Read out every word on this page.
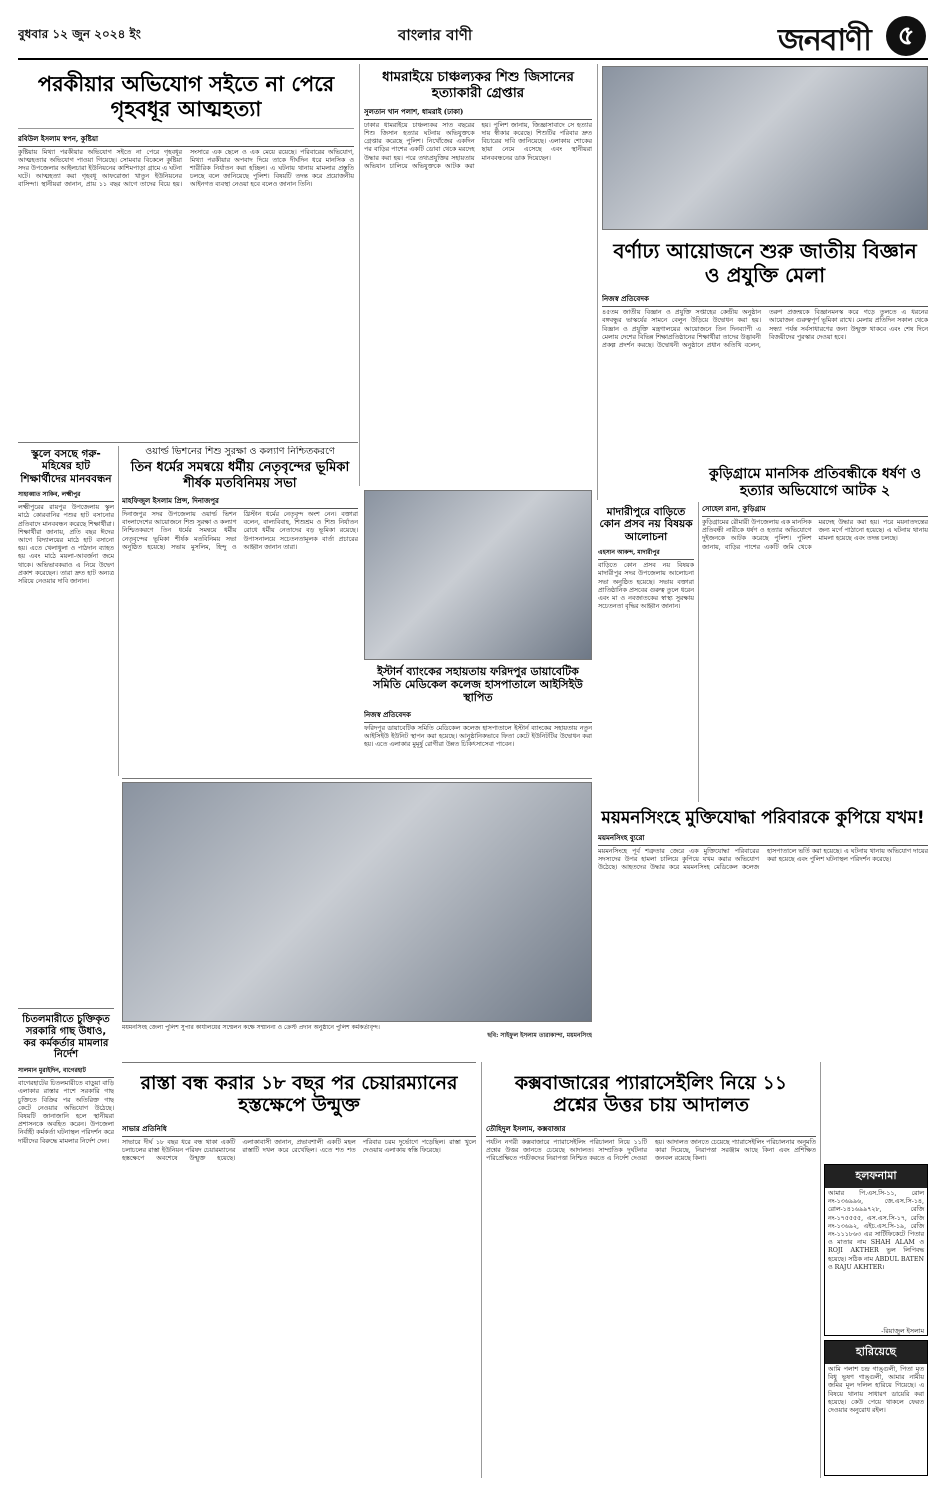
বুধবার ১২ জুন ২০২৪ ইং	বাংলার বাণী	জনবাণী	৫
পরকীয়ার অভিযোগ সইতে না পেরে গৃহবধূর আত্মহত্যা
রবিউল ইসলাম স্বপন, কুষ্টিয়া
কুষ্টিয়ায় মিথ্যা পরকীয়ার অভিযোগ সইতে না পেরে গৃহবধূর আত্মহত্যার অভিযোগ পাওয়া গিয়েছে। সোমবার বিকেলে কুষ্টিয়া সদর উপজেলার আইলচারা ইউনিয়নের কাশিমপাড়া গ্রামে এ ঘটনা ঘটে। আত্মহত্যা করা গৃহবধূ আফরোজা খাতুন ইউনিয়নের বাসিন্দা। স্থানীয়রা জানান, প্রায় ১১ বছর আগে তাদের বিয়ে হয়। সংসারে এক ছেলে ও এক মেয়ে রয়েছে। পরিবারের অভিযোগ, মিথ্যা পরকীয়ার অপবাদ দিয়ে তাকে দীর্ঘদিন ধরে মানসিক ও শারীরিক নির্যাতন করা হচ্ছিল। এ ঘটনায় থানায় মামলার প্রস্তুতি চলছে বলে জানিয়েছে পুলিশ। বিষয়টি তদন্ত করে প্রয়োজনীয় আইনগত ব্যবস্থা নেওয়া হবে বলেও জানান তিনি।
ধামরাইয়ে চাঞ্চল্যকর শিশু জিসানের হত্যাকারী গ্রেপ্তার
সুলতান খান পলাশ, ধামরাই (ঢাকা)
ঢাকার ধামরাইয়ে চাঞ্চল্যকর সাত বছরের শিশু জিসান হত্যার ঘটনায় অভিযুক্তকে গ্রেপ্তার করেছে পুলিশ। নিখোঁজের একদিন পর বাড়ির পাশের একটি ডোবা থেকে মরদেহ উদ্ধার করা হয়। পরে তথ্যপ্রযুক্তির সহায়তায় অভিযান চালিয়ে অভিযুক্তকে আটক করা হয়। পুলিশ জানায়, জিজ্ঞাসাবাদে সে হত্যার দায় স্বীকার করেছে। শিশুটির পরিবার দ্রুত বিচারের দাবি জানিয়েছে। এলাকায় শোকের ছায়া নেমে এসেছে এবং স্থানীয়রা মানববন্ধনের ডাক দিয়েছেন।
বর্ণাঢ্য আয়োজনে শুরু জাতীয় বিজ্ঞান ও প্রযুক্তি মেলা
নিজস্ব প্রতিবেদক
৪৫তম জাতীয় বিজ্ঞান ও প্রযুক্তি সপ্তাহের কেন্দ্রীয় অনুষ্ঠান বঙ্গবন্ধুর ভাস্কর্যের সামনে বেলুন উড়িয়ে উদ্বোধন করা হয়। বিজ্ঞান ও প্রযুক্তি মন্ত্রণালয়ের আয়োজনে তিন দিনব্যাপী এ মেলায় দেশের বিভিন্ন শিক্ষাপ্রতিষ্ঠানের শিক্ষার্থীরা তাদের উদ্ভাবনী প্রকল্প প্রদর্শন করছে। উদ্বোধনী অনুষ্ঠানে প্রধান অতিথি বলেন, তরুণ প্রজন্মকে বিজ্ঞানমনস্ক করে গড়ে তুলতে এ ধরনের আয়োজন গুরুত্বপূর্ণ ভূমিকা রাখে। মেলায় প্রতিদিন সকাল থেকে সন্ধ্যা পর্যন্ত সর্বসাধারণের জন্য উন্মুক্ত থাকবে এবং শেষ দিনে বিজয়ীদের পুরস্কার দেওয়া হবে।
স্কুলে বসছে গরু-মহিষের হাট শিক্ষার্থীদের মানববন্ধন
সাহাব্বাত সাকিব, লক্ষ্মীপুর
লক্ষ্মীপুরের রায়পুর উপজেলায় স্কুল মাঠে কোরবানির পশুর হাট বসানোর প্রতিবাদে মানববন্ধন করেছে শিক্ষার্থীরা। শিক্ষার্থীরা জানায়, প্রতি বছর ঈদের আগে বিদ্যালয়ের মাঠে হাট বসানো হয়। এতে খেলাধুলা ও পাঠদান ব্যাহত হয় এবং মাঠে ময়লা-আবর্জনা জমে থাকে। অভিভাবকরাও এ নিয়ে উদ্বেগ প্রকাশ করেছেন। তারা দ্রুত হাট অন্যত্র সরিয়ে নেওয়ার দাবি জানান।
ওয়ার্ল্ড ভিশনের শিশু সুরক্ষা ও কল্যাণ নিশ্চিতকরণে
তিন ধর্মের সমন্বয়ে ধর্মীয় নেতৃবৃন্দের ভূমিকা শীর্ষক মতবিনিময় সভা
মাহফিজুল ইসলাম প্রিন্স, দিনাজপুর
দিনাজপুর সদর উপজেলায় ওয়ার্ল্ড ভিশন বাংলাদেশের আয়োজনে শিশু সুরক্ষা ও কল্যাণ নিশ্চিতকরণে তিন ধর্মের সমন্বয়ে ধর্মীয় নেতৃবৃন্দের ভূমিকা শীর্ষক মতবিনিময় সভা অনুষ্ঠিত হয়েছে। সভায় মুসলিম, হিন্দু ও খ্রিস্টান ধর্মের নেতৃবৃন্দ অংশ নেন। বক্তারা বলেন, বাল্যবিবাহ, শিশুশ্রম ও শিশু নির্যাতন রোধে ধর্মীয় নেতাদের বড় ভূমিকা রয়েছে। উপাসনালয়ে সচেতনতামূলক বার্তা প্রচারের আহ্বান জানান তারা।
ইস্টার্ন ব্যাংকের সহায়তায় ফরিদপুর ডায়াবেটিক সমিতি মেডিকেল কলেজ হাসপাতালে আইসিইউ স্থাপিত
নিজস্ব প্রতিবেদক
ফরিদপুর ডায়াবেটিক সমিতি মেডিকেল কলেজ হাসপাতালে ইস্টার্ন ব্যাংকের সহায়তায় নতুন আইসিইউ ইউনিট স্থাপন করা হয়েছে। আনুষ্ঠানিকভাবে ফিতা কেটে ইউনিটটির উদ্বোধন করা হয়। এতে এলাকার মুমূর্ষু রোগীরা উন্নত চিকিৎসাসেবা পাবেন।
মাদারীপুরে বাড়িতে কোন প্রসব নয় বিষয়ক আলোচনা
এহসান আকন্দ, মাদারীপুর
বাড়িতে কোন প্রসব নয় বিষয়ক মাদারীপুর সদর উপজেলায় আলোচনা সভা অনুষ্ঠিত হয়েছে। সভায় বক্তারা প্রাতিষ্ঠানিক প্রসবের গুরুত্ব তুলে ধরেন এবং মা ও নবজাতকের স্বাস্থ্য সুরক্ষায় সচেতনতা বৃদ্ধির আহ্বান জানান।
কুড়িগ্রামে মানসিক প্রতিবন্ধীকে ধর্ষণ ও হত্যার অভিযোগে আটক ২
সোহেল রানা, কুড়িগ্রাম
কুড়িগ্রামের রৌমারী উপজেলায় এক মানসিক প্রতিবন্ধী নারীকে ধর্ষণ ও হত্যার অভিযোগে দুইজনকে আটক করেছে পুলিশ। পুলিশ জানায়, বাড়ির পাশের একটি জমি থেকে মরদেহ উদ্ধার করা হয়। পরে ময়নাতদন্তের জন্য মর্গে পাঠানো হয়েছে। এ ঘটনায় থানায় মামলা হয়েছে এবং তদন্ত চলছে।
চিতলমারীতে চুক্তিকৃত সরকারি গাছ উধাও, কর কর্মকর্তার মামলার নির্দেশ
সালমান মুরাইদিন, বাগেরহাট
বাগেরহাটের চিতলমারীতে বাড়ুয়া বাড়ি এলাকার রাস্তার পাশে সরকারি গাছ চুক্তিতে বিক্রির পর অতিরিক্ত গাছ কেটে নেওয়ার অভিযোগ উঠেছে। বিষয়টি জানাজানি হলে স্থানীয়রা প্রশাসনকে অবহিত করেন। উপজেলা নির্বাহী কর্মকর্তা ঘটনাস্থল পরিদর্শন করে দায়ীদের বিরুদ্ধে মামলার নির্দেশ দেন।
ময়মনসিংহ জেলা পুলিশ সুপার কার্যালয়ের সম্মেলন কক্ষে সম্মাননা ও ক্রেস্ট প্রদান অনুষ্ঠানে পুলিশ কর্মকর্তাবৃন্দ।
ছবি: সাইফুল ইসলাম তারাকান্দা, ময়মনসিংহ
ময়মনসিংহে মুক্তিযোদ্ধা পরিবারকে কুপিয়ে যখম!
ময়মনসিংহ ব্যুরো
ময়মনসিংহে পূর্ব শত্রুতার জেরে এক মুক্তিযোদ্ধা পরিবারের সদস্যদের উপর হামলা চালিয়ে কুপিয়ে যখম করার অভিযোগ উঠেছে। আহতদের উদ্ধার করে ময়মনসিংহ মেডিকেল কলেজ হাসপাতালে ভর্তি করা হয়েছে। এ ঘটনায় থানায় অভিযোগ দায়ের করা হয়েছে এবং পুলিশ ঘটনাস্থল পরিদর্শন করেছে।
রাস্তা বন্ধ করার ১৮ বছর পর চেয়ারম্যানের হস্তক্ষেপে উন্মুক্ত
সাভার প্রতিনিধি
সাভারে দীর্ঘ ১৮ বছর ধরে বন্ধ থাকা একটি চলাচলের রাস্তা ইউনিয়ন পরিষদ চেয়ারম্যানের হস্তক্ষেপে অবশেষে উন্মুক্ত হয়েছে। এলাকাবাসী জানান, প্রভাবশালী একটি মহল রাস্তাটি দখল করে রেখেছিল। এতে শত শত পরিবার চরম দুর্ভোগে পড়েছিল। রাস্তা খুলে দেওয়ায় এলাকায় স্বস্তি ফিরেছে।
কক্সবাজারের প্যারাসেইলিং নিয়ে ১১ প্রশ্নের উত্তর চায় আদালত
তৌহিদুল ইসলাম, কক্সবাজার
পর্যটন নগরী কক্সবাজারে প্যারাসেইলিং পরিচালনা নিয়ে ১১টি প্রশ্নের উত্তর জানতে চেয়েছে আদালত। সাম্প্রতিক দুর্ঘটনার পরিপ্রেক্ষিতে পর্যটকদের নিরাপত্তা নিশ্চিত করতে এ নির্দেশ দেওয়া হয়। আদালত জানতে চেয়েছে প্যারাসেইলিং পরিচালনার অনুমতি কারা দিয়েছে, নিরাপত্তা সরঞ্জাম আছে কিনা এবং প্রশিক্ষিত জনবল রয়েছে কিনা।
হলফনামা
আমার পি.এস.সি-১১, রোল নং-১৩৬৯৯৬, জে.এস.সি-১৪, রোল-১৪১৬৯৯৭২৮, রেজি নং-১৭৫৫৫৫, এস.এস.সি-১৭, রেজি নং-১৩৬৯২, এইচ.এস.সি-১৯, রেজি নং-১১১৮৬৩ এর সার্টিফিকেটে পিতার ও মাতার নাম SHAH ALAM ও ROJI AKTHER ভুল লিপিবদ্ধ হয়েছে। সঠিক নাম ABDUL BATEN ও RAJU AKHTER।
-রিয়াজুল ইসলাম
হারিয়েছে
আমি পলাশ চন্দ্র গাঙ্গুলী, পিতা মৃত বিধু ভূষণ গাঙ্গুলী, আমার নামীয় জমির মূল দলিল হারিয়ে গিয়েছে। এ বিষয়ে থানায় সাধারণ ডায়েরি করা হয়েছে। কেউ পেয়ে থাকলে ফেরত দেওয়ার অনুরোধ রইল।
